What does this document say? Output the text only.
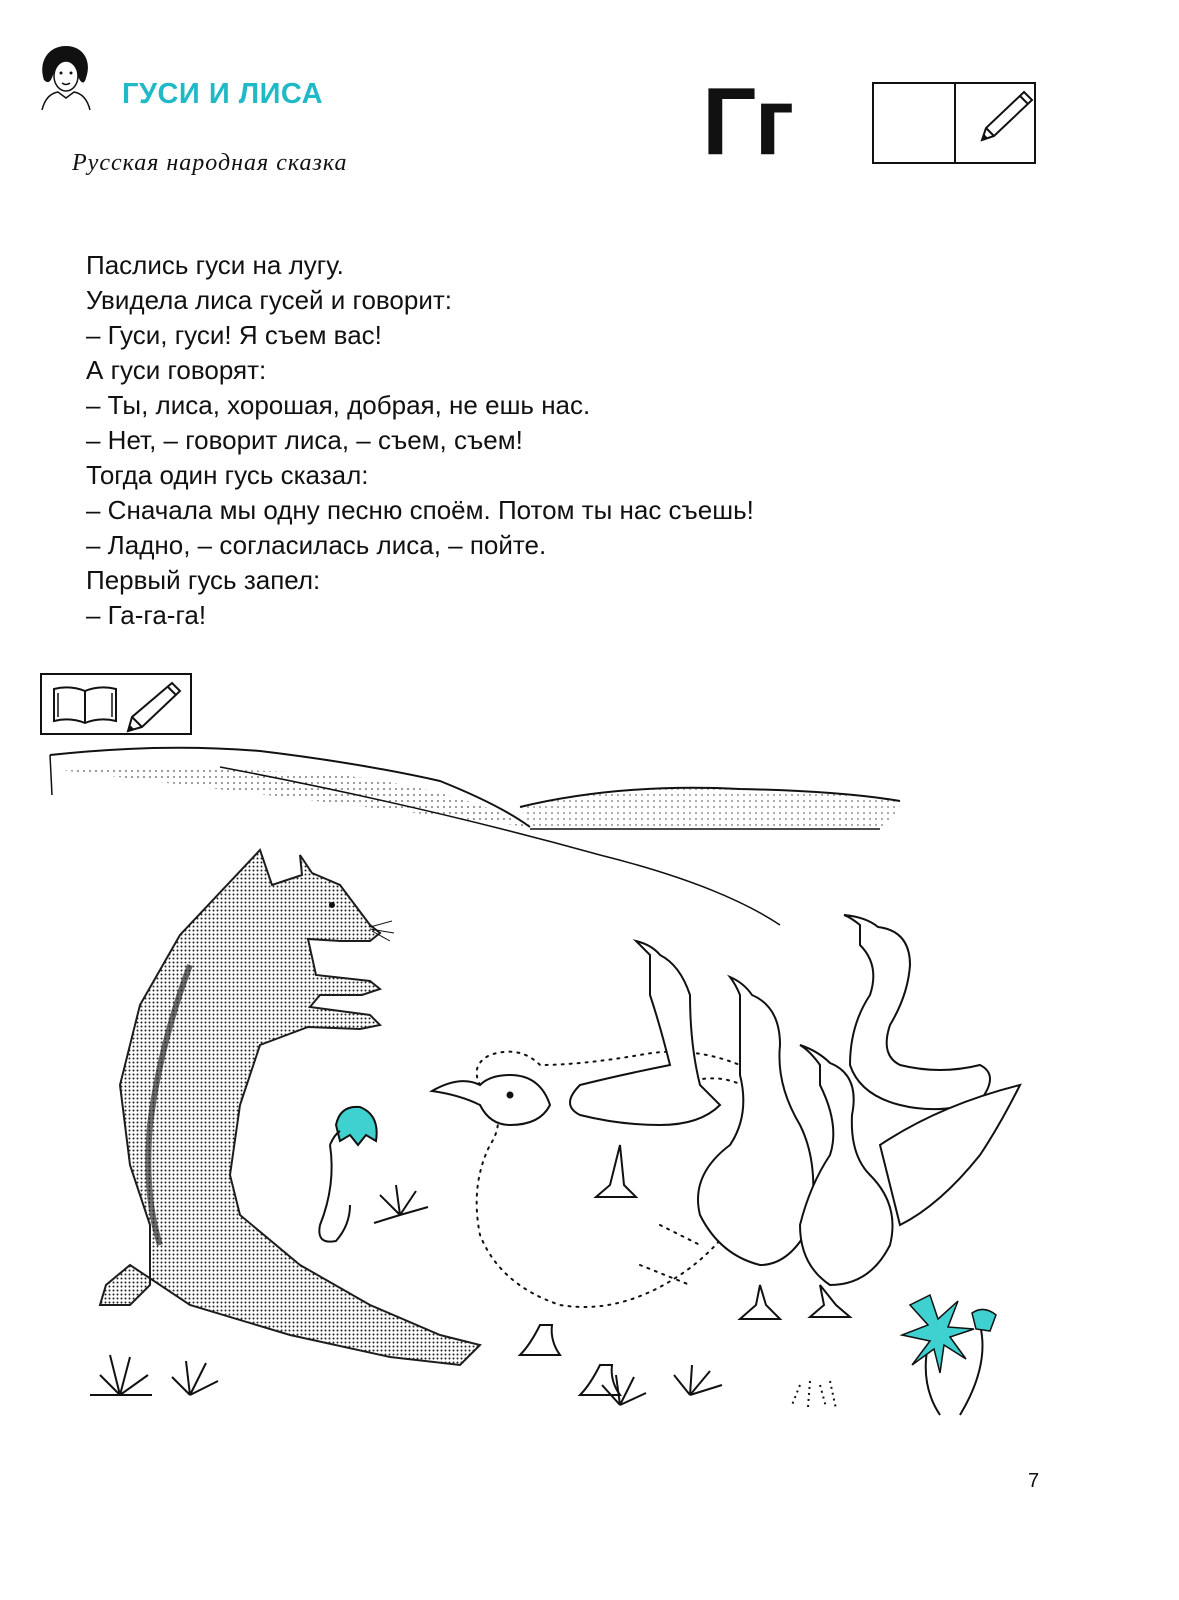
ГУСИ И ЛИСА
Русская народная сказка	Гг
Паслись гуси на лугу.
Увидела лиса гусей и говорит:
– Гуси, гуси! Я съем вас!
А гуси говорят:
– Ты, лиса, хорошая, добрая, не ешь нас.
– Нет, – говорит лиса, – съем, съем!
Тогда один гусь сказал:
– Сначала мы одну песню споём. Потом ты нас съешь!
– Ладно, – согласилась лиса, – пойте.
Первый гусь запел:
– Га-га-га!
7
